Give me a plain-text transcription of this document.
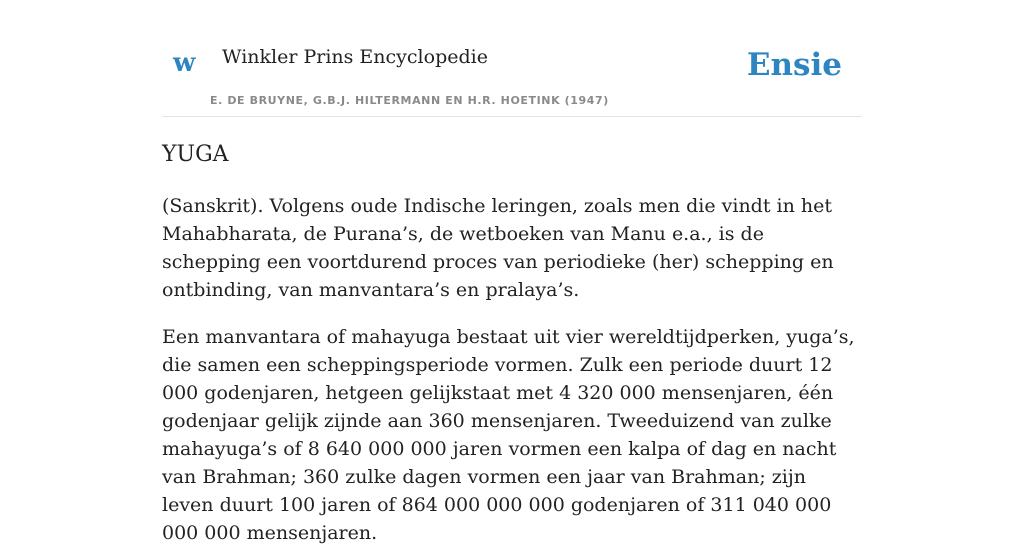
w Winkler Prins Encyclopedie
E. DE BRUYNE, G.B.J. HILTERMANN EN H.R. HOETINK (1947)
Ensie
YUGA

(Sanskrit). Volgens oude Indische leringen, zoals men die vindt in het Mahabharata, de Purana’s, de wetboeken van Manu e.a., is de schepping een voortdurend proces van periodieke (her) schepping en ontbinding, van manvantara’s en pralaya’s.

Een manvantara of mahayuga bestaat uit vier wereldtijdperken, yuga’s, die samen een scheppingsperiode vormen. Zulk een periode duurt 12 000 godenjaren, hetgeen gelijkstaat met 4 320 000 mensenjaren, één godenjaar gelijk zijnde aan 360 mensenjaren. Tweeduizend van zulke mahayuga’s of 8 640 000 000 jaren vormen een kalpa of dag en nacht van Brahman; 360 zulke dagen vormen een jaar van Brahman; zijn leven duurt 100 jaren of 864 000 000 000 godenjaren of 311 040 000 000 000 mensenjaren.
